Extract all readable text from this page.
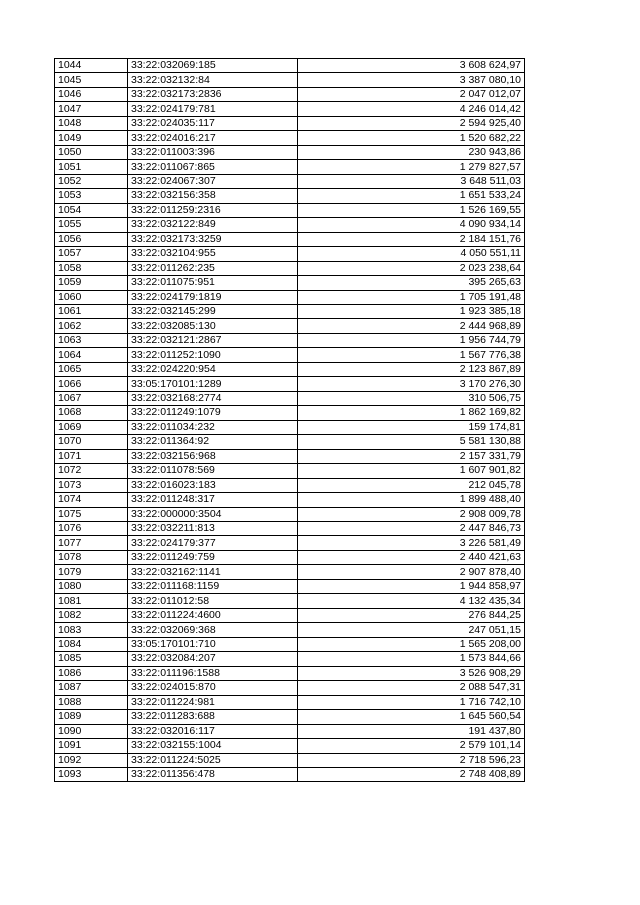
1044	33:22:032069:185	3 608 624,97
1045	33:22:032132:84	3 387 080,10
1046	33:22:032173:2836	2 047 012,07
1047	33:22:024179:781	4 246 014,42
1048	33:22:024035:117	2 594 925,40
1049	33:22:024016:217	1 520 682,22
1050	33:22:011003:396	230 943,86
1051	33:22:011067:865	1 279 827,57
1052	33:22:024067:307	3 648 511,03
1053	33:22:032156:358	1 651 533,24
1054	33:22:011259:2316	1 526 169,55
1055	33:22:032122:849	4 090 934,14
1056	33:22:032173:3259	2 184 151,76
1057	33:22:032104:955	4 050 551,11
1058	33:22:011262:235	2 023 238,64
1059	33:22:011075:951	395 265,63
1060	33:22:024179:1819	1 705 191,48
1061	33:22:032145:299	1 923 385,18
1062	33:22:032085:130	2 444 968,89
1063	33:22:032121:2867	1 956 744,79
1064	33:22:011252:1090	1 567 776,38
1065	33:22:024220:954	2 123 867,89
1066	33:05:170101:1289	3 170 276,30
1067	33:22:032168:2774	310 506,75
1068	33:22:011249:1079	1 862 169,82
1069	33:22:011034:232	159 174,81
1070	33:22:011364:92	5 581 130,88
1071	33:22:032156:968	2 157 331,79
1072	33:22:011078:569	1 607 901,82
1073	33:22:016023:183	212 045,78
1074	33:22:011248:317	1 899 488,40
1075	33:22:000000:3504	2 908 009,78
1076	33:22:032211:813	2 447 846,73
1077	33:22:024179:377	3 226 581,49
1078	33:22:011249:759	2 440 421,63
1079	33:22:032162:1141	2 907 878,40
1080	33:22:011168:1159	1 944 858,97
1081	33:22:011012:58	4 132 435,34
1082	33:22:011224:4600	276 844,25
1083	33:22:032069:368	247 051,15
1084	33:05:170101:710	1 565 208,00
1085	33:22:032084:207	1 573 844,66
1086	33:22:011196:1588	3 526 908,29
1087	33:22:024015:870	2 088 547,31
1088	33:22:011224:981	1 716 742,10
1089	33:22:011283:688	1 645 560,54
1090	33:22:032016:117	191 437,80
1091	33:22:032155:1004	2 579 101,14
1092	33:22:011224:5025	2 718 596,23
1093	33:22:011356:478	2 748 408,89
